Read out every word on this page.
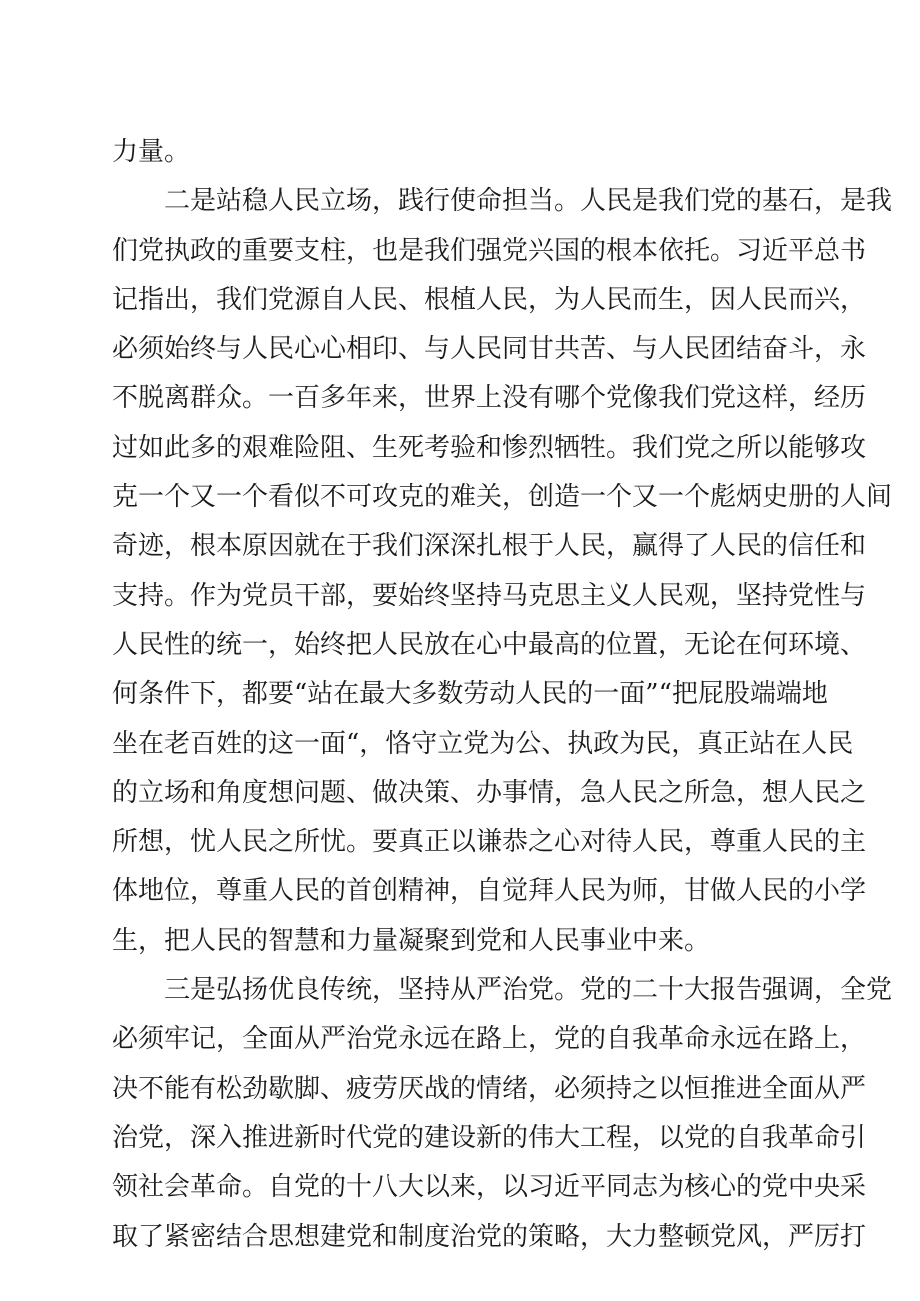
力量。
二是站稳人民立场，践行使命担当。人民是我们党的基石，是我
们党执政的重要支柱，也是我们强党兴国的根本依托。习近平总书
记指出，我们党源自人民、根植人民，为人民而生，因人民而兴，
必须始终与人民心心相印、与人民同甘共苦、与人民团结奋斗，永
不脱离群众。一百多年来，世界上没有哪个党像我们党这样，经历
过如此多的艰难险阻、生死考验和惨烈牺牲。我们党之所以能够攻
克一个又一个看似不可攻克的难关，创造一个又一个彪炳史册的人间
奇迹，根本原因就在于我们深深扎根于人民，赢得了人民的信任和
支持。作为党员干部，要始终坚持马克思主义人民观，坚持党性与
人民性的统一，始终把人民放在心中最高的位置，无论在何环境、
何条件下，都要“站在最大多数劳动人民的一面”“把屁股端端地
坐在老百姓的这一面“，恪守立党为公、执政为民，真正站在人民
的立场和角度想问题、做决策、办事情，急人民之所急，想人民之
所想，忧人民之所忧。要真正以谦恭之心对待人民，尊重人民的主
体地位，尊重人民的首创精神，自觉拜人民为师，甘做人民的小学
生，把人民的智慧和力量凝聚到党和人民事业中来。
三是弘扬优良传统，坚持从严治党。党的二十大报告强调，全党
必须牢记，全面从严治党永远在路上，党的自我革命永远在路上，
决不能有松劲歇脚、疲劳厌战的情绪，必须持之以恒推进全面从严
治党，深入推进新时代党的建设新的伟大工程，以党的自我革命引
领社会革命。自党的十八大以来，以习近平同志为核心的党中央采
取了紧密结合思想建党和制度治党的策略，大力整顿党风，严厉打
